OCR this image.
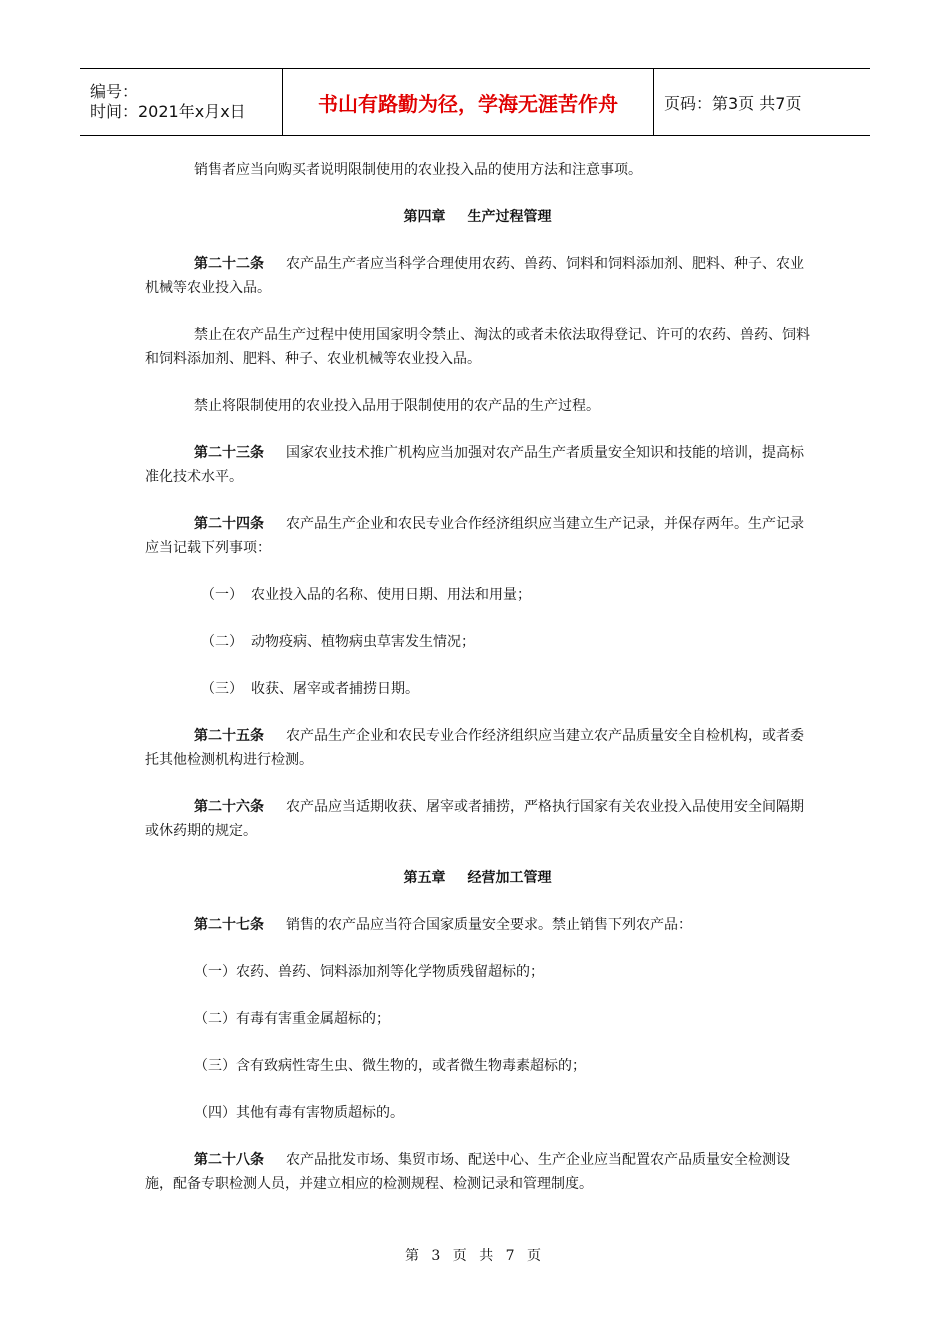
编号：
时间：2021年x月x日	书山有路勤为径，学海无涯苦作舟	页码：第3页 共7页

销售者应当向购买者说明限制使用的农业投入品的使用方法和注意事项。

第四章 生产过程管理

第二十二条 农产品生产者应当科学合理使用农药、兽药、饲料和饲料添加剂、肥料、种子、农业机械等农业投入品。

禁止在农产品生产过程中使用国家明令禁止、淘汰的或者未依法取得登记、许可的农药、兽药、饲料和饲料添加剂、肥料、种子、农业机械等农业投入品。

禁止将限制使用的农业投入品用于限制使用的农产品的生产过程。

第二十三条 国家农业技术推广机构应当加强对农产品生产者质量安全知识和技能的培训，提高标准化技术水平。

第二十四条 农产品生产企业和农民专业合作经济组织应当建立生产记录，并保存两年。生产记录应当记载下列事项：

（一） 农业投入品的名称、使用日期、用法和用量；
（二） 动物疫病、植物病虫草害发生情况；
（三） 收获、屠宰或者捕捞日期。

第二十五条 农产品生产企业和农民专业合作经济组织应当建立农产品质量安全自检机构，或者委托其他检测机构进行检测。

第二十六条 农产品应当适期收获、屠宰或者捕捞，严格执行国家有关农业投入品使用安全间隔期或休药期的规定。

第五章 经营加工管理

第二十七条 销售的农产品应当符合国家质量安全要求。禁止销售下列农产品：

（一）农药、兽药、饲料添加剂等化学物质残留超标的；
（二）有毒有害重金属超标的；
（三）含有致病性寄生虫、微生物的，或者微生物毒素超标的；
（四）其他有毒有害物质超标的。

第二十八条 农产品批发市场、集贸市场、配送中心、生产企业应当配置农产品质量安全检测设施，配备专职检测人员，并建立相应的检测规程、检测记录和管理制度。

第 3 页 共 7 页
